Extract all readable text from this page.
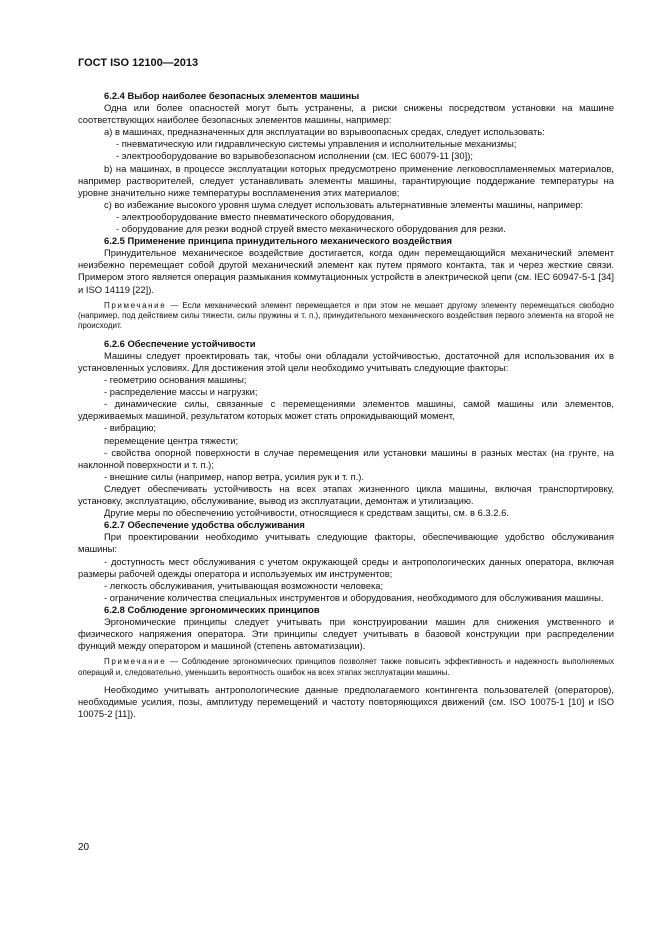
ГОСТ ISO 12100—2013

6.2.4 Выбор наиболее безопасных элементов машины

Одна или более опасностей могут быть устранены, а риски снижены посредством установки на машине соответствующих наиболее безопасных элементов машины, например:

a) в машинах, предназначенных для эксплуатации во взрывоопасных средах, следует использовать:

- пневматическую или гидравлическую системы управления и исполнительные механизмы;

- электрооборудование во взрывобезопасном исполнении (см. IEC 60079-11 [30]);

b) на машинах, в процессе эксплуатации которых предусмотрено применение легковоспламеняемых материалов, например растворителей, следует устанавливать элементы машины, гарантирующие поддержание температуры на уровне значительно ниже температуры воспламенения этих материалов;

c) во избежание высокого уровня шума следует использовать альтернативные элементы машины, например:

- электрооборудование вместо пневматического оборудования,

- оборудование для резки водной струей вместо механического оборудования для резки.

6.2.5 Применение принципа принудительного механического воздействия

Принудительное механическое воздействие достигается, когда один перемещающийся механический элемент неизбежно перемещает собой другой механический элемент как путем прямого контакта, так и через жесткие связи. Примером этого является операция размыкания коммутационных устройств в электрической цепи (см. IEC 60947-5-1 [34] и ISO 14119 [22]).

Примечание — Если механический элемент перемещается и при этом не мешает другому элементу перемещаться свободно (например, под действием силы тяжести, силы пружины и т. п.), принудительного механического воздействия первого элемента на второй не происходит.

6.2.6 Обеспечение устойчивости

Машины следует проектировать так, чтобы они обладали устойчивостью, достаточной для использования их в установленных условиях. Для достижения этой цели необходимо учитывать следующие факторы:

- геометрию основания машины;

- распределение массы и нагрузки;

- динамические силы, связанные с перемещениями элементов машины, самой машины или элементов, удерживаемых машиной, результатом которых может стать опрокидывающий момент,

- вибрацию;

перемещение центра тяжести;

- свойства опорной поверхности в случае перемещения или установки машины в разных местах (на грунте, на наклонной поверхности и т. п.);

- внешние силы (например, напор ветра, усилия рук и т. п.).

Следует обеспечивать устойчивость на всех этапах жизненного цикла машины, включая транспортировку, установку, эксплуатацию, обслуживание, вывод из эксплуатации, демонтаж и утилизацию.

Другие меры по обеспечению устойчивости, относящиеся к средствам защиты, см. в 6.3.2.6.

6.2.7 Обеспечение удобства обслуживания

При проектировании необходимо учитывать следующие факторы, обеспечивающие удобство обслуживания машины:

- доступность мест обслуживания с учетом окружающей среды и антропологических данных оператора, включая размеры рабочей одежды оператора и используемых им инструментов;

- легкость обслуживания, учитывающая возможности человека;

- ограничение количества специальных инструментов и оборудования, необходимого для обслуживания машины.

6.2.8 Соблюдение эргономических принципов

Эргономические принципы следует учитывать при конструировании машин для снижения умственного и физического напряжения оператора. Эти принципы следует учитывать в базовой конструкции при распределении функций между оператором и машиной (степень автоматизации).

Примечание — Соблюдение эргономических принципов позволяет также повысить эффективность и надежность выполняемых операций и, следовательно, уменьшить вероятность ошибок на всех этапах эксплуатации машины.

Необходимо учитывать антропологические данные предполагаемого контингента пользователей (операторов), необходимые усилия, позы, амплитуду перемещений и частоту повторяющихся движений (см. ISO 10075-1 [10] и ISO 10075-2 [11]).

20
